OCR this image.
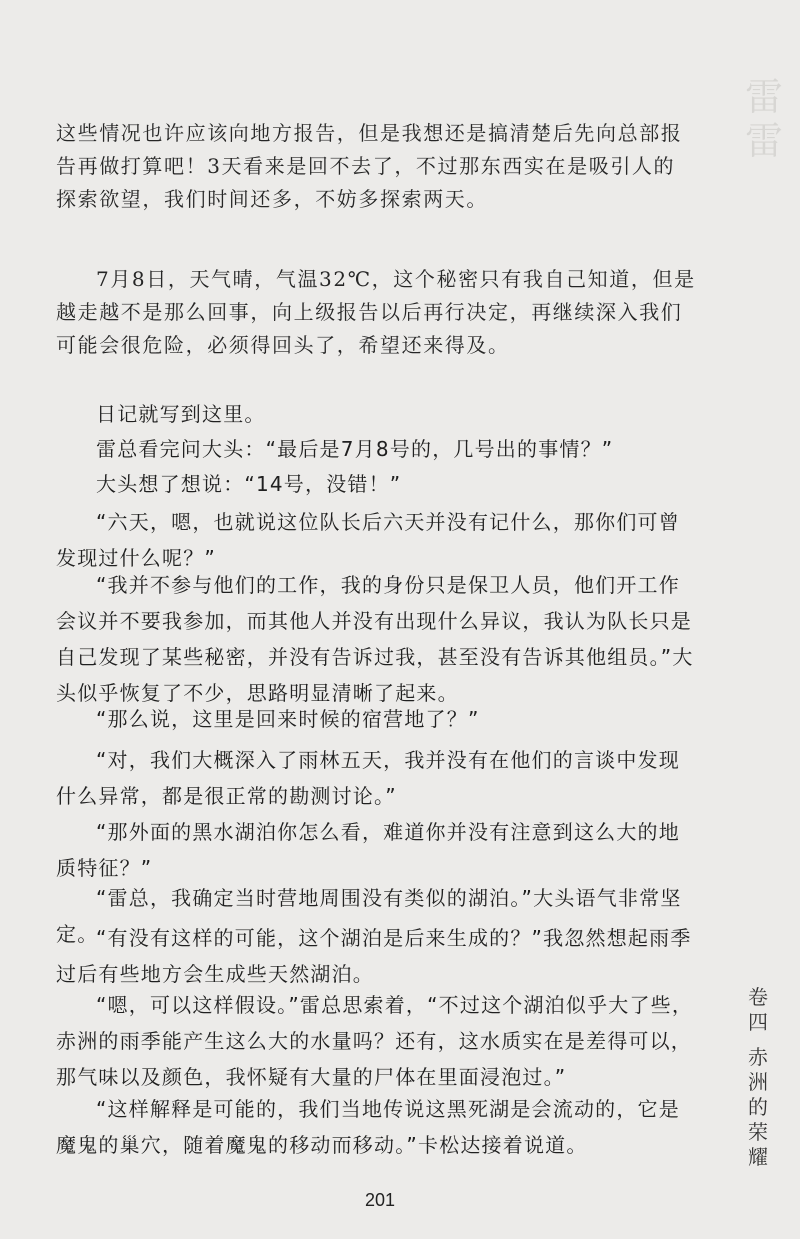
雷
雷

这些情况也许应该向地方报告，但是我想还是搞清楚后先向总部报告再做打算吧！3天看来是回不去了，不过那东西实在是吸引人的探索欲望，我们时间还多，不妨多探索两天。

7月8日，天气晴，气温32℃，这个秘密只有我自己知道，但是越走越不是那么回事，向上级报告以后再行决定，再继续深入我们可能会很危险，必须得回头了，希望还来得及。

日记就写到这里。

雷总看完问大头：“最后是7月8号的，几号出的事情？”

大头想了想说：“14号，没错！”

“六天，嗯，也就说这位队长后六天并没有记什么，那你们可曾发现过什么呢？”

“我并不参与他们的工作，我的身份只是保卫人员，他们开工作会议并不要我参加，而其他人并没有出现什么异议，我认为队长只是自己发现了某些秘密，并没有告诉过我，甚至没有告诉其他组员。”大头似乎恢复了不少，思路明显清晰了起来。

“那么说，这里是回来时候的宿营地了？”

“对，我们大概深入了雨林五天，我并没有在他们的言谈中发现什么异常，都是很正常的勘测讨论。”

“那外面的黑水湖泊你怎么看，难道你并没有注意到这么大的地质特征？”

“雷总，我确定当时营地周围没有类似的湖泊。”大头语气非常坚定。

“有没有这样的可能，这个湖泊是后来生成的？”我忽然想起雨季过后有些地方会生成些天然湖泊。

“嗯，可以这样假设。”雷总思索着，“不过这个湖泊似乎大了些，赤洲的雨季能产生这么大的水量吗？还有，这水质实在是差得可以，那气味以及颜色，我怀疑有大量的尸体在里面浸泡过。”

“这样解释是可能的，我们当地传说这黑死湖是会流动的，它是魔鬼的巢穴，随着魔鬼的移动而移动。”卡松达接着说道。

卷
四
赤
洲
的
荣
耀
201
